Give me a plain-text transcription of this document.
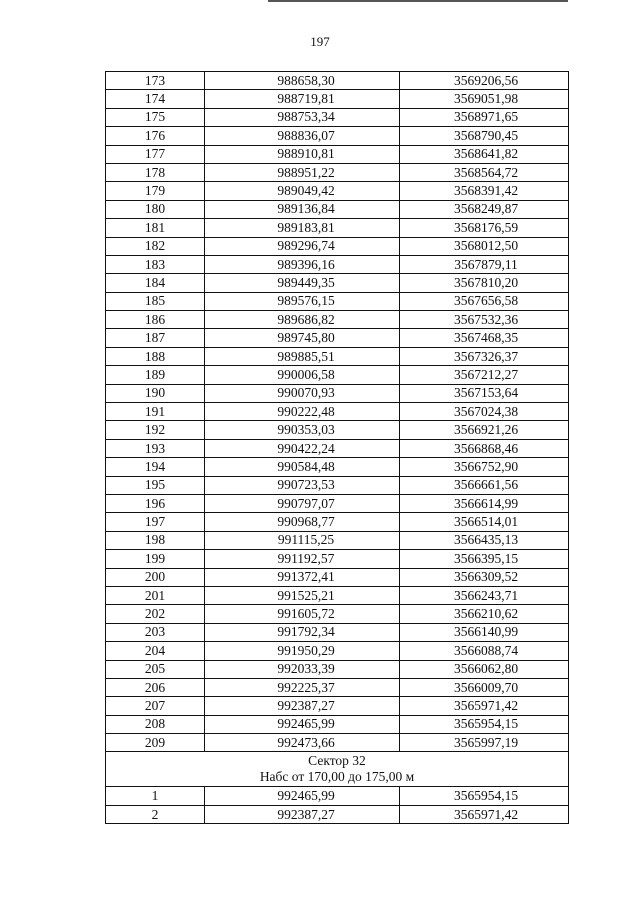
197
173	988658,30	3569206,56
174	988719,81	3569051,98
175	988753,34	3568971,65
176	988836,07	3568790,45
177	988910,81	3568641,82
178	988951,22	3568564,72
179	989049,42	3568391,42
180	989136,84	3568249,87
181	989183,81	3568176,59
182	989296,74	3568012,50
183	989396,16	3567879,11
184	989449,35	3567810,20
185	989576,15	3567656,58
186	989686,82	3567532,36
187	989745,80	3567468,35
188	989885,51	3567326,37
189	990006,58	3567212,27
190	990070,93	3567153,64
191	990222,48	3567024,38
192	990353,03	3566921,26
193	990422,24	3566868,46
194	990584,48	3566752,90
195	990723,53	3566661,56
196	990797,07	3566614,99
197	990968,77	3566514,01
198	991115,25	3566435,13
199	991192,57	3566395,15
200	991372,41	3566309,52
201	991525,21	3566243,71
202	991605,72	3566210,62
203	991792,34	3566140,99
204	991950,29	3566088,74
205	992033,39	3566062,80
206	992225,37	3566009,70
207	992387,27	3565971,42
208	992465,99	3565954,15
209	992473,66	3565997,19

Сектор 32
Набс от 170,00 до 175,00 м		

1	992465,99	3565954,15
2	992387,27	3565971,42
